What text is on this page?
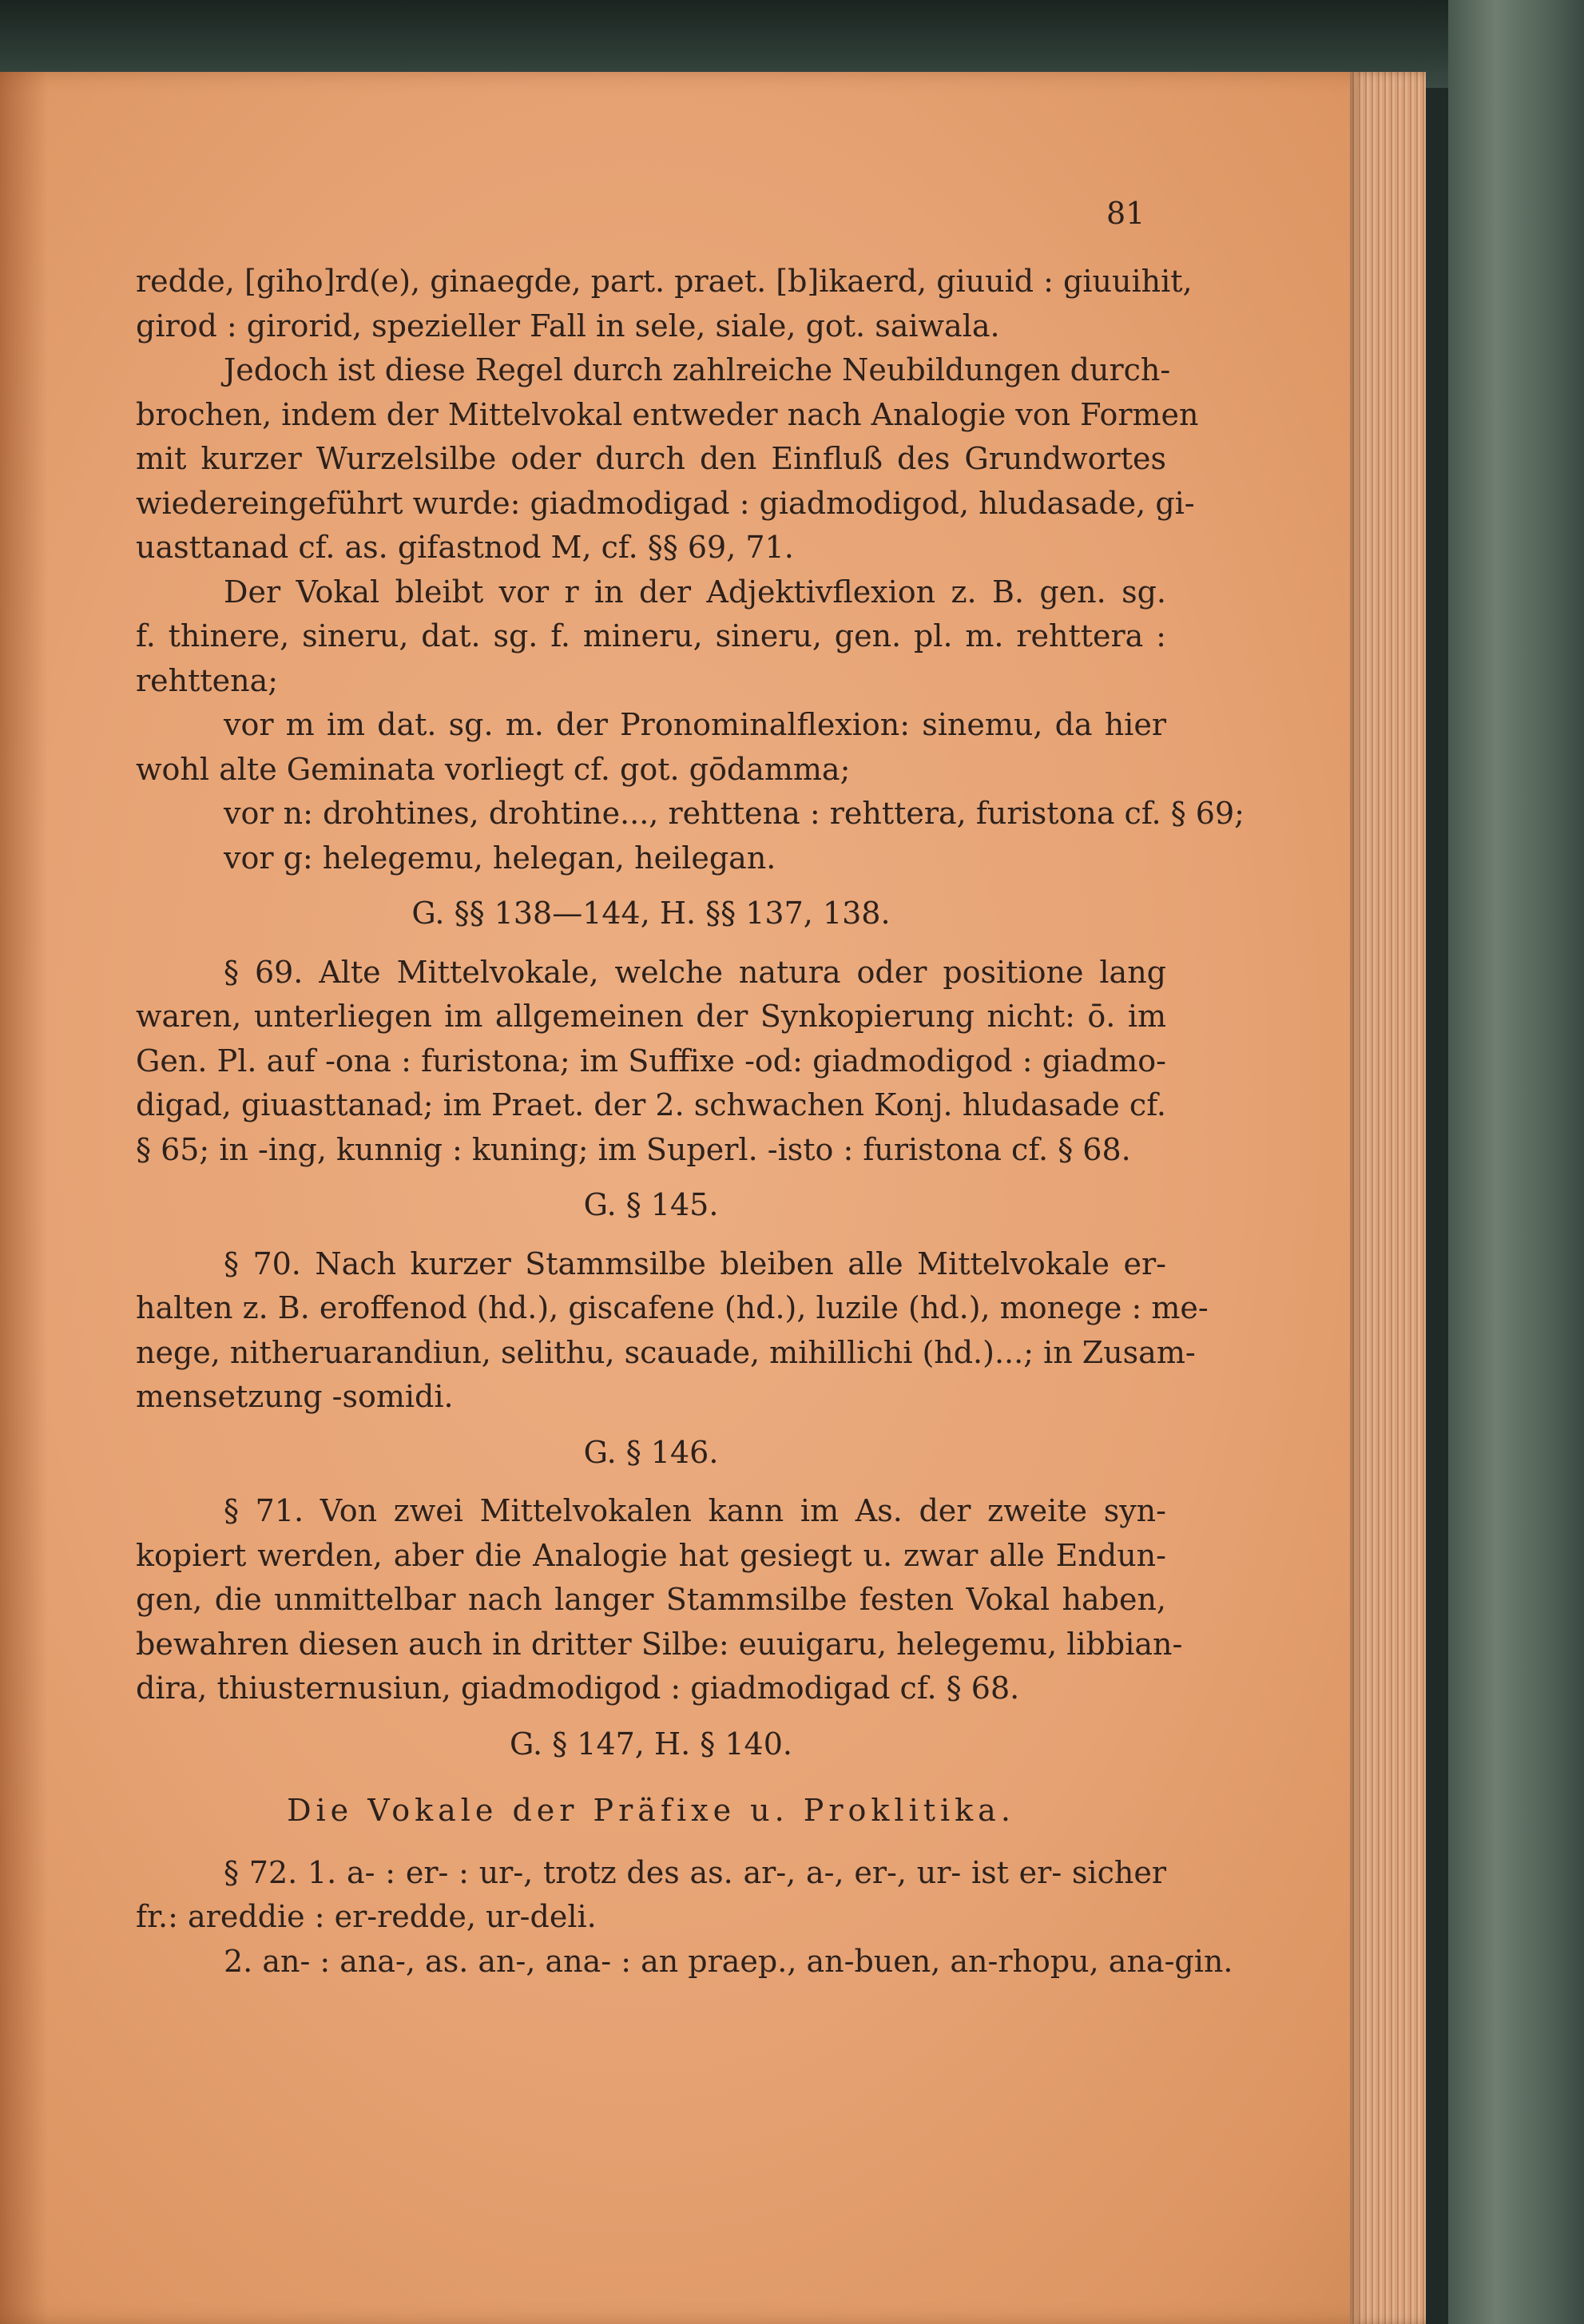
81
redde, [giho]rd(e), ginaegde, part. praet. [b]ikaerd, giuuid : giuuihit,
girod : girorid, spezieller Fall in sele, siale, got. saiwala.
Jedoch ist diese Regel durch zahlreiche Neubildungen durch-
brochen, indem der Mittelvokal entweder nach Analogie von Formen
mit kurzer Wurzelsilbe oder durch den Einfluß des Grundwortes
wiedereingeführt wurde: giadmodigad : giadmodigod, hludasade, gi-
uasttanad cf. as. gifastnod M, cf. §§ 69, 71.
Der Vokal bleibt vor r in der Adjektivflexion z. B. gen. sg.
f. thinere, sineru, dat. sg. f. mineru, sineru, gen. pl. m. rehttera :
rehttena;
vor m im dat. sg. m. der Pronominalflexion: sinemu, da hier
wohl alte Geminata vorliegt cf. got. gōdamma;
vor n: drohtines, drohtine..., rehttena : rehttera, furistona cf. § 69;
vor g: helegemu, helegan, heilegan.
G. §§ 138—144, H. §§ 137, 138.
§ 69. Alte Mittelvokale, welche natura oder positione lang
waren, unterliegen im allgemeinen der Synkopierung nicht: ō. im
Gen. Pl. auf -ona : furistona; im Suffixe -od: giadmodigod : giadmo-
digad, giuasttanad; im Praet. der 2. schwachen Konj. hludasade cf.
§ 65; in -ing, kunnig : kuning; im Superl. -isto : furistona cf. § 68.
G. § 145.
§ 70. Nach kurzer Stammsilbe bleiben alle Mittelvokale er-
halten z. B. eroffenod (hd.), giscafene (hd.), luzile (hd.), monege : me-
nege, nitheruarandiun, selithu, scauade, mihillichi (hd.)...; in Zusam-
mensetzung -somidi.
G. § 146.
§ 71. Von zwei Mittelvokalen kann im As. der zweite syn-
kopiert werden, aber die Analogie hat gesiegt u. zwar alle Endun-
gen, die unmittelbar nach langer Stammsilbe festen Vokal haben,
bewahren diesen auch in dritter Silbe: euuigaru, helegemu, libbian-
dira, thiusternusiun, giadmodigod : giadmodigad cf. § 68.
G. § 147, H. § 140.
Die Vokale der Präfixe u. Proklitika.
§ 72. 1. a- : er- : ur-, trotz des as. ar-, a-, er-, ur- ist er- sicher
fr.: areddie : er-redde, ur-deli.
2. an- : ana-, as. an-, ana- : an praep., an-buen, an-rhopu, ana-gin.
